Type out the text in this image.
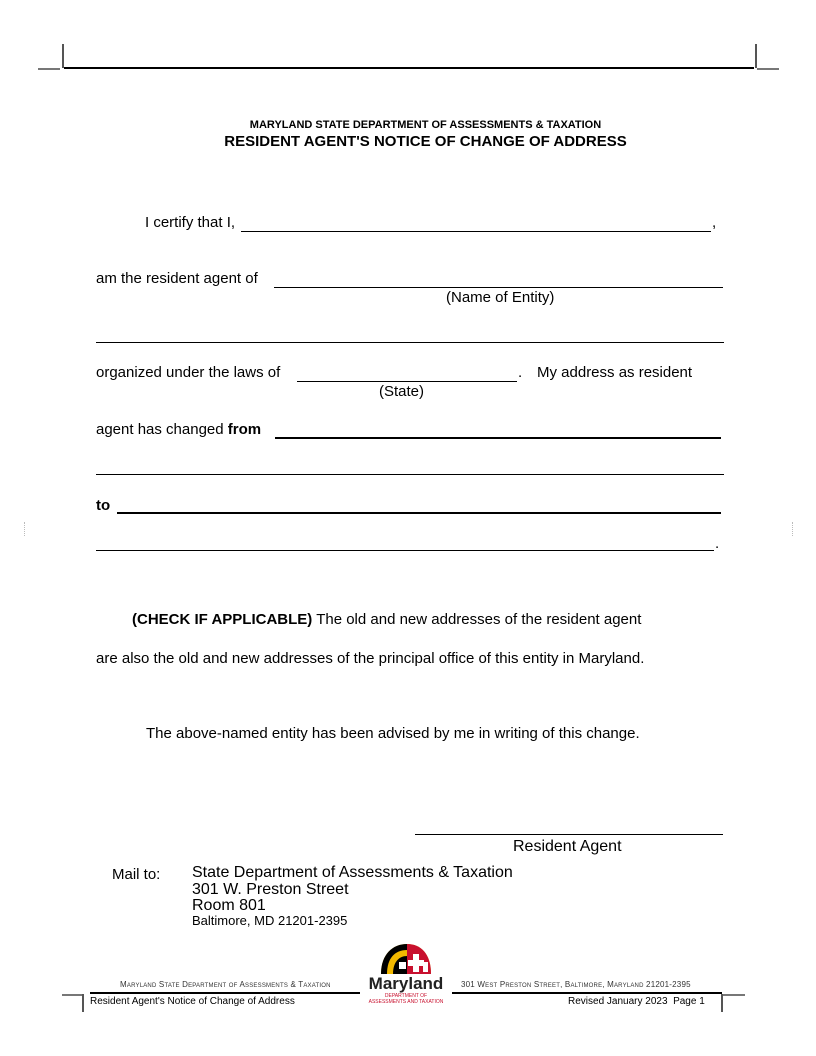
MARYLAND STATE DEPARTMENT OF ASSESSMENTS & TAXATION
RESIDENT AGENT'S NOTICE OF CHANGE OF ADDRESS
I certify that I,	,
am the resident agent of
(Name of Entity)
organized under the laws of	. My address as resident
(State)
agent has changed from
to
.
(CHECK IF APPLICABLE) The old and new addresses of the resident agent
are also the old and new addresses of the principal office of this entity in Maryland.
The above-named entity has been advised by me in writing of this change.
Resident Agent
Mail to: State Department of Assessments & Taxation
301 W. Preston Street
Room 801
Baltimore, MD 21201-2395
Maryland State Department of Assessments & Taxation	301 West Preston Street, Baltimore, Maryland 21201-2395
Maryland
DEPARTMENT OF
ASSESSMENTS AND TAXATION
Resident Agent's Notice of Change of Address	Revised January 2023 Page 1
